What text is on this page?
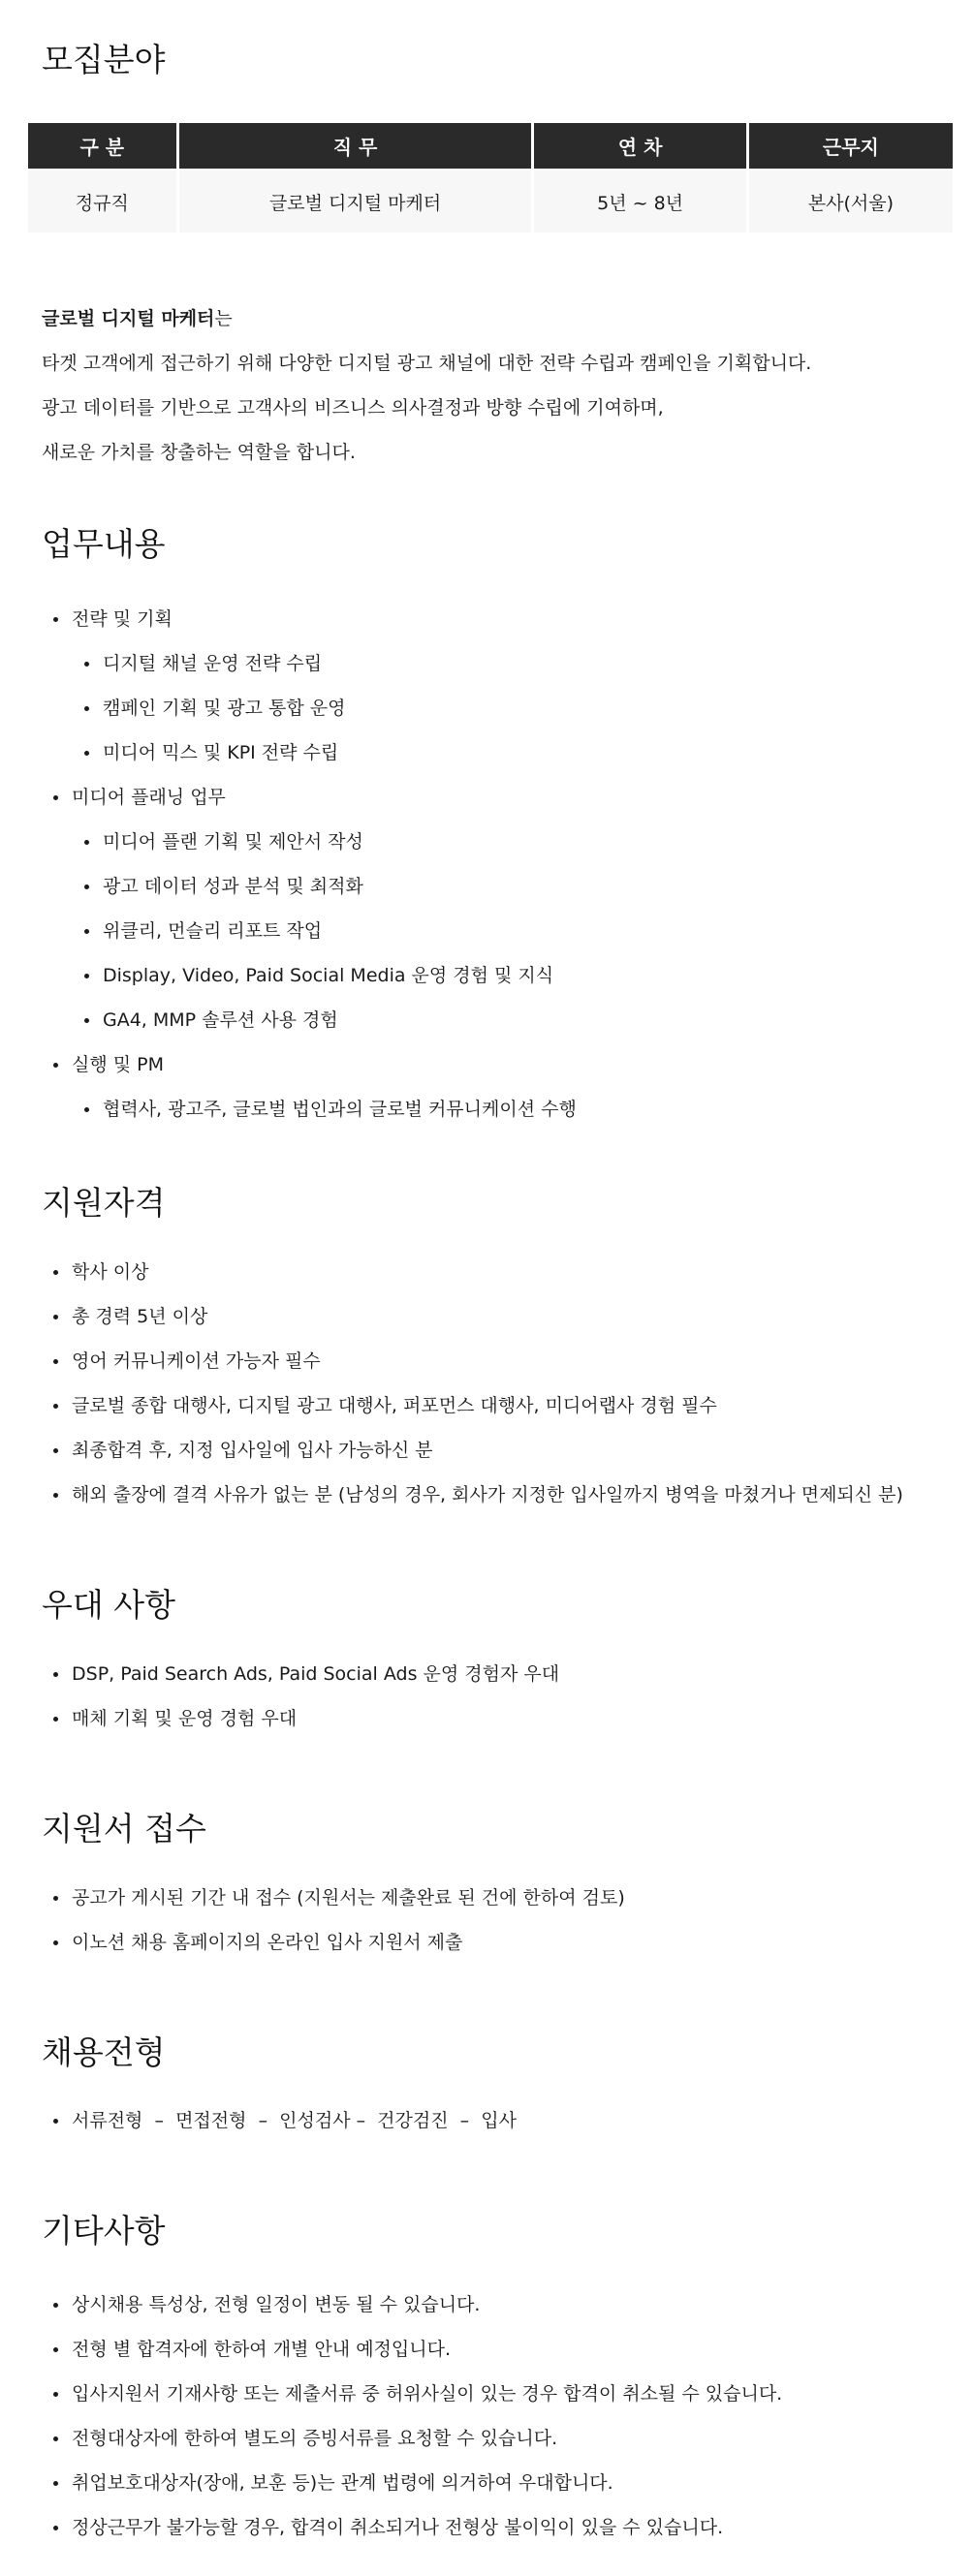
모집분야
구 분	직 무	연 차	근무지
정규직	글로벌 디지털 마케터	5년 ~ 8년	본사(서울)

글로벌 디지털 마케터는

타겟 고객에게 접근하기 위해 다양한 디지털 광고 채널에 대한 전략 수립과 캠페인을 기획합니다.

광고 데이터를 기반으로 고객사의 비즈니스 의사결정과 방향 수립에 기여하며,

새로운 가치를 창출하는 역할을 합니다.

업무내용
전략 및 기획
디지털 채널 운영 전략 수립
캠페인 기획 및 광고 통합 운영
미디어 믹스 및 KPI 전략 수립
미디어 플래닝 업무
미디어 플랜 기획 및 제안서 작성
광고 데이터 성과 분석 및 최적화
위클리, 먼슬리 리포트 작업
Display, Video, Paid Social Media 운영 경험 및 지식
GA4, MMP 솔루션 사용 경험
실행 및 PM
협력사, 광고주, 글로벌 법인과의 글로벌 커뮤니케이션 수행
지원자격
학사 이상
총 경력 5년 이상
영어 커뮤니케이션 가능자 필수
글로벌 종합 대행사, 디지털 광고 대행사, 퍼포먼스 대행사, 미디어랩사 경험 필수
최종합격 후, 지정 입사일에 입사 가능하신 분
해외 출장에 결격 사유가 없는 분 (남성의 경우, 회사가 지정한 입사일까지 병역을 마쳤거나 면제되신 분)
우대 사항
DSP, Paid Search Ads, Paid Social Ads 운영 경험자 우대
매체 기획 및 운영 경험 우대
지원서 접수
공고가 게시된 기간 내 접수 (지원서는 제출완료 된 건에 한하여 검토)
이노션 채용 홈페이지의 온라인 입사 지원서 제출
채용전형
서류전형  –  면접전형  –  인성검사 –  건강검진  –  입사
기타사항
상시채용 특성상, 전형 일정이 변동 될 수 있습니다.
전형 별 합격자에 한하여 개별 안내 예정입니다.
입사지원서 기재사항 또는 제출서류 중 허위사실이 있는 경우 합격이 취소될 수 있습니다.
전형대상자에 한하여 별도의 증빙서류를 요청할 수 있습니다.
취업보호대상자(장애, 보훈 등)는 관계 법령에 의거하여 우대합니다.
정상근무가 불가능할 경우, 합격이 취소되거나 전형상 불이익이 있을 수 있습니다.
